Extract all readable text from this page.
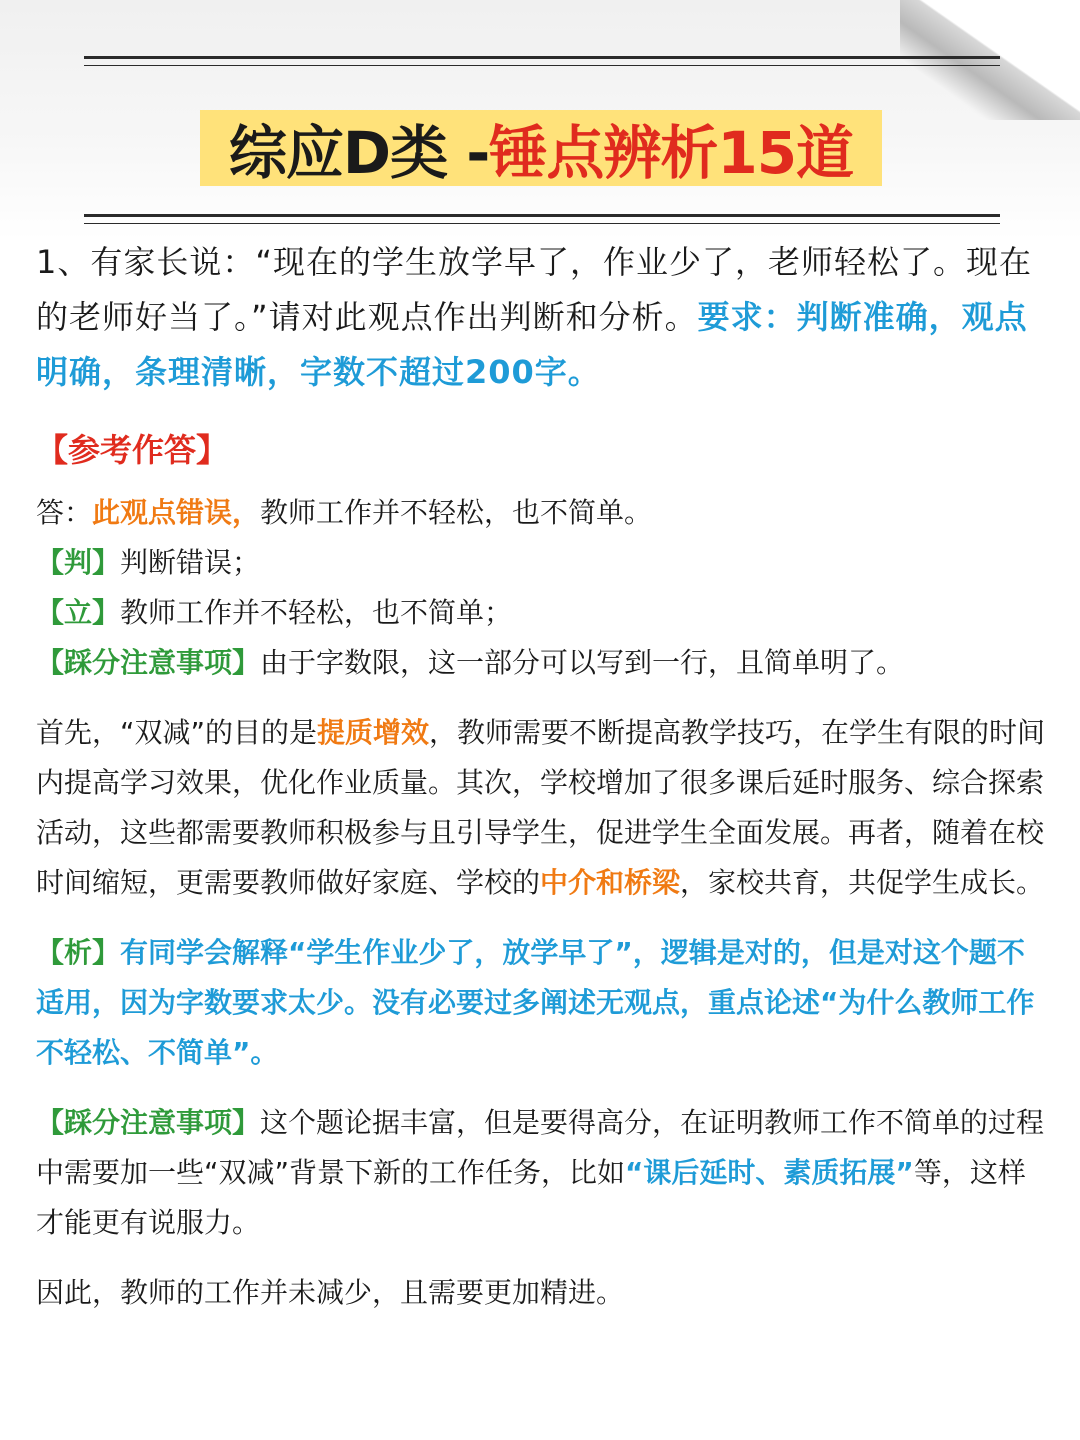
综应D类 - 锤点辨析15道

1、有家长说：“现在的学生放学早了，作业少了，老师轻松了。现在的老师好当了。”请对此观点作出判断和分析。要求：判断准确，观点明确，条理清晰，字数不超过200字。

【参考作答】

答：此观点错误，教师工作并不轻松，也不简单。

【判】判断错误；

【立】教师工作并不轻松，也不简单；

【踩分注意事项】由于字数限，这一部分可以写到一行，且简单明了。

首先，“双减”的目的是提质增效，教师需要不断提高教学技巧，在学生有限的时间内提高学习效果，优化作业质量。其次，学校增加了很多课后延时服务、综合探索活动，这些都需要教师积极参与且引导学生，促进学生全面发展。再者，随着在校时间缩短，更需要教师做好家庭、学校的中介和桥梁，家校共育，共促学生成长。

【析】有同学会解释“学生作业少了，放学早了”，逻辑是对的，但是对这个题不适用，因为字数要求太少。没有必要过多阐述无观点，重点论述“为什么教师工作不轻松、不简单”。

【踩分注意事项】这个题论据丰富，但是要得高分，在证明教师工作不简单的过程中需要加一些“双减”背景下新的工作任务，比如“课后延时、素质拓展”等，这样才能更有说服力。

因此，教师的工作并未减少，且需要更加精进。
